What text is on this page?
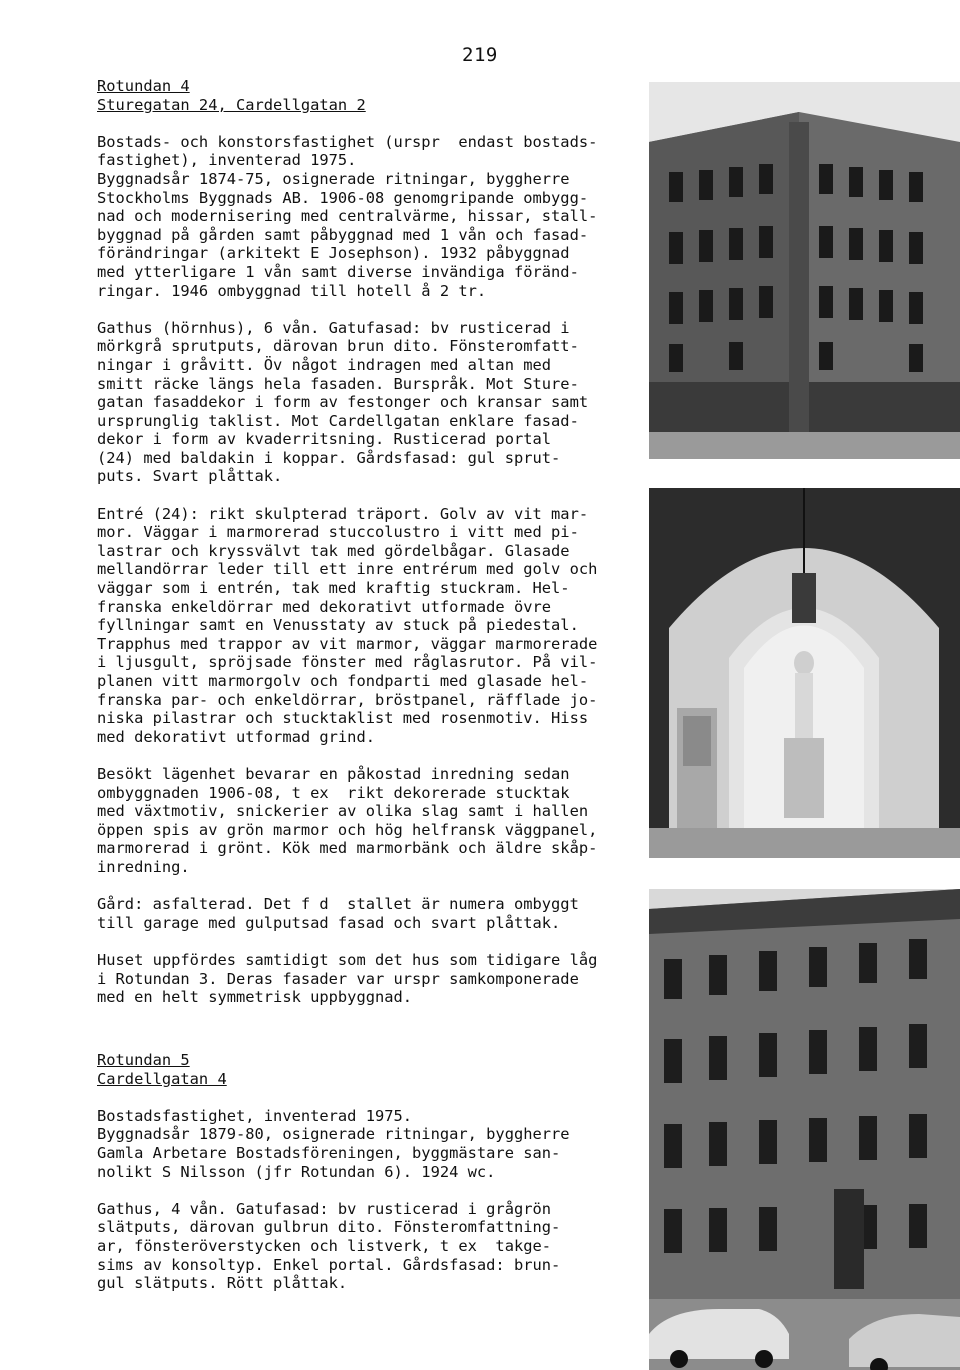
219

Rotundan 4

Sturegatan 24, Cardellgatan 2

Bostads- och konstorsfastighet (urspr  endast bostads-

fastighet), inventerad 1975.

Byggnadsår 1874-75, osignerade ritningar, byggherre

Stockholms Byggnads AB. 1906-08 genomgripande ombygg-

nad och modernisering med centralvärme, hissar, stall-

byggnad på gården samt påbyggnad med 1 vån och fasad-

förändringar (arkitekt E Josephson). 1932 påbyggnad

med ytterligare 1 vån samt diverse invändiga föränd-

ringar. 1946 ombyggnad till hotell å 2 tr.

Gathus (hörnhus), 6 vån. Gatufasad: bv rusticerad i

mörkgrå sprutputs, därovan brun dito. Fönsteromfatt-

ningar i gråvitt. Öv något indragen med altan med

smitt räcke längs hela fasaden. Burspråk. Mot Sture-

gatan fasaddekor i form av festonger och kransar samt

ursprunglig taklist. Mot Cardellgatan enklare fasad-

dekor i form av kvaderritsning. Rusticerad portal

(24) med baldakin i koppar. Gårdsfasad: gul sprut-

puts. Svart plåttak.

Entré (24): rikt skulpterad träport. Golv av vit mar-

mor. Väggar i marmorerad stuccolustro i vitt med pi-

lastrar och kryssvälvt tak med gördelbågar. Glasade

mellandörrar leder till ett inre entrérum med golv och

väggar som i entrén, tak med kraftig stuckram. Hel-

franska enkeldörrar med dekorativt utformade övre

fyllningar samt en Venusstaty av stuck på piedestal.

Trapphus med trappor av vit marmor, väggar marmorerade

i ljusgult, spröjsade fönster med råglasrutor. På vil-

planen vitt marmorgolv och fondparti med glasade hel-

franska par- och enkeldörrar, bröstpanel, räfflade jo-

niska pilastrar och stucktaklist med rosenmotiv. Hiss

med dekorativt utformad grind.

Besökt lägenhet bevarar en påkostad inredning sedan

ombyggnaden 1906-08, t ex  rikt dekorerade stucktak

med växtmotiv, snickerier av olika slag samt i hallen

öppen spis av grön marmor och hög helfransk väggpanel,

marmorerad i grönt. Kök med marmorbänk och äldre skåp-

inredning.

Gård: asfalterad. Det f d  stallet är numera ombyggt

till garage med gulputsad fasad och svart plåttak.

Huset uppfördes samtidigt som det hus som tidigare låg

i Rotundan 3. Deras fasader var urspr samkomponerade

med en helt symmetrisk uppbyggnad.

Rotundan 5

Cardellgatan 4

Bostadsfastighet, inventerad 1975.

Byggnadsår 1879-80, osignerade ritningar, byggherre

Gamla Arbetare Bostadsföreningen, byggmästare san-

nolikt S Nilsson (jfr Rotundan 6). 1924 wc.

Gathus, 4 vån. Gatufasad: bv rusticerad i grågrön

slätputs, därovan gulbrun dito. Fönsteromfattning-

ar, fönsteröverstycken och listverk, t ex  takge-

sims av konsoltyp. Enkel portal. Gårdsfasad: brun-

gul slätputs. Rött plåttak.
